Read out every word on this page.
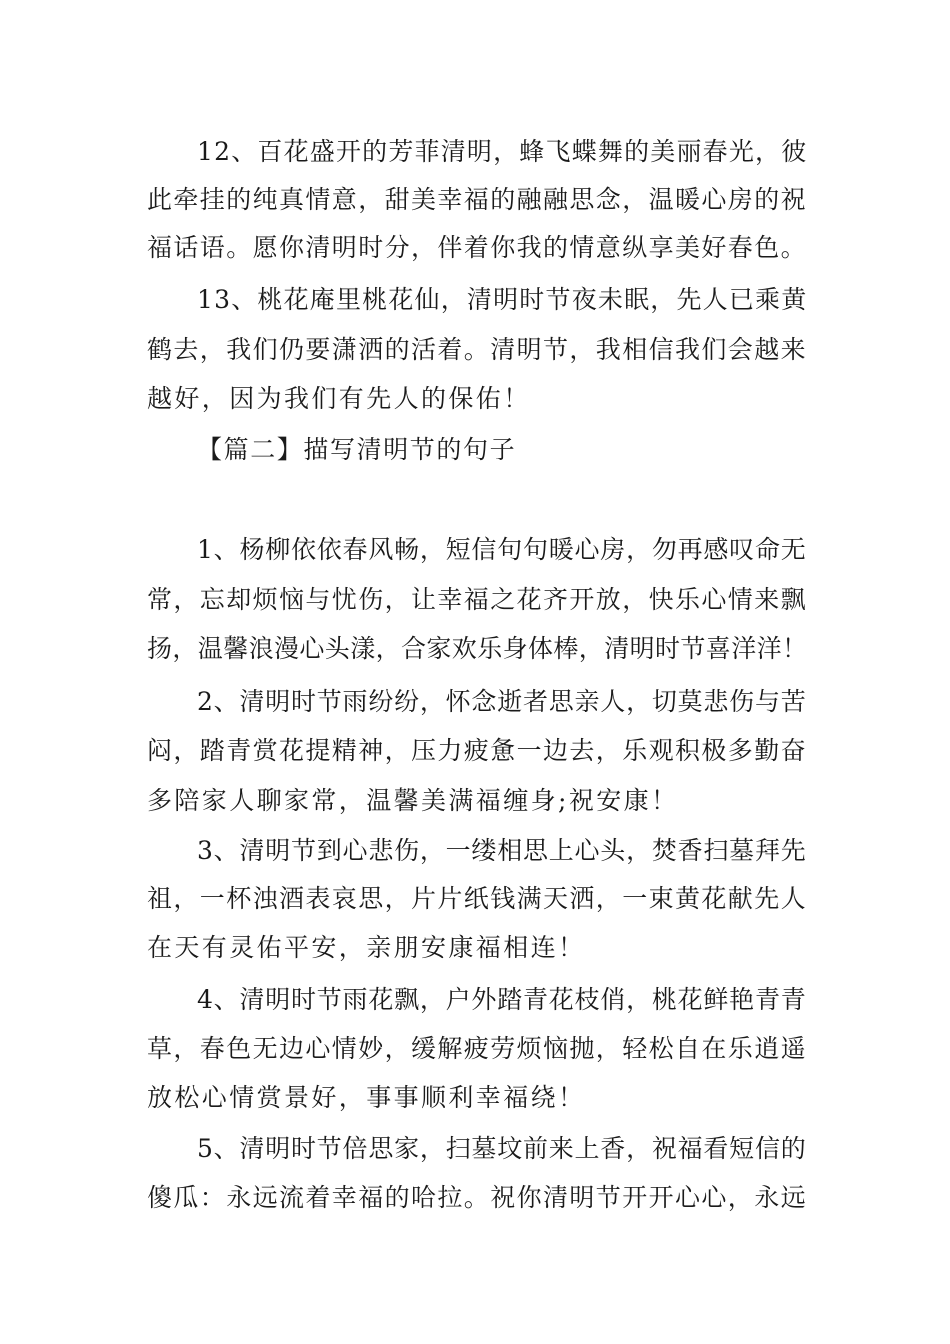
12、百花盛开的芳菲清明，蜂飞蝶舞的美丽春光，彼
此牵挂的纯真情意，甜美幸福的融融思念，温暖心房的祝
福话语。愿你清明时分，伴着你我的情意纵享美好春色。
13、桃花庵里桃花仙，清明时节夜未眠，先人已乘黄
鹤去，我们仍要潇洒的活着。清明节，我相信我们会越来
越好，因为我们有先人的保佑！
【篇二】描写清明节的句子
1、杨柳依依春风畅，短信句句暖心房，勿再感叹命无
常，忘却烦恼与忧伤，让幸福之花齐开放，快乐心情来飘
扬，温馨浪漫心头漾，合家欢乐身体棒，清明时节喜洋洋！
2、清明时节雨纷纷，怀念逝者思亲人，切莫悲伤与苦
闷，踏青赏花提精神，压力疲惫一边去，乐观积极多勤奋
多陪家人聊家常，温馨美满福缠身;祝安康！
3、清明节到心悲伤，一缕相思上心头，焚香扫墓拜先
祖，一杯浊酒表哀思，片片纸钱满天洒，一束黄花献先人
在天有灵佑平安，亲朋安康福相连！
4、清明时节雨花飘，户外踏青花枝俏，桃花鲜艳青青
草，春色无边心情妙，缓解疲劳烦恼抛，轻松自在乐逍遥
放松心情赏景好，事事顺利幸福绕！
5、清明时节倍思家，扫墓坟前来上香，祝福看短信的
傻瓜：永远流着幸福的哈拉。祝你清明节开开心心，永远
